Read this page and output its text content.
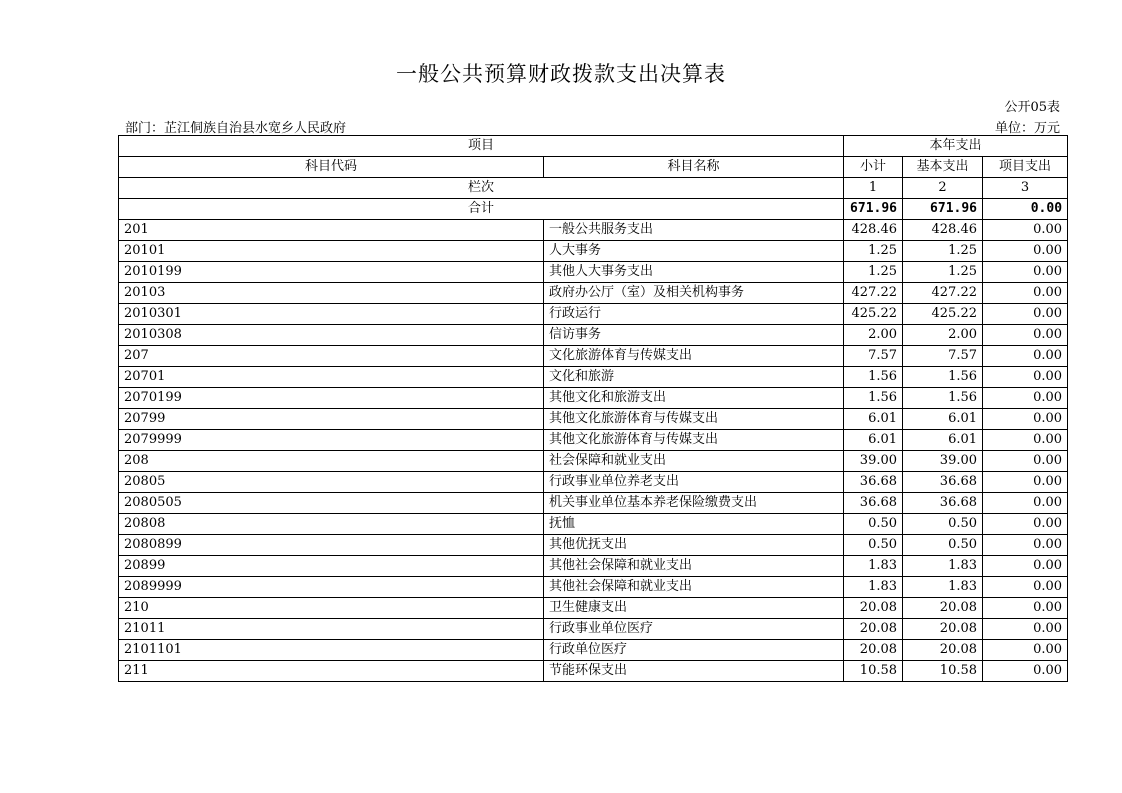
一般公共预算财政拨款支出决算表
公开05表
部门：芷江侗族自治县水宽乡人民政府	单位：万元
项目		本年支出		
科目代码	科目名称	小计	基本支出	项目支出
栏次		1	2	3
合计		671.96	671.96	0.00
201	一般公共服务支出	428.46	428.46	0.00
20101	人大事务	1.25	1.25	0.00
2010199	其他人大事务支出	1.25	1.25	0.00
20103	政府办公厅（室）及相关机构事务	427.22	427.22	0.00
2010301	行政运行	425.22	425.22	0.00
2010308	信访事务	2.00	2.00	0.00
207	文化旅游体育与传媒支出	7.57	7.57	0.00
20701	文化和旅游	1.56	1.56	0.00
2070199	其他文化和旅游支出	1.56	1.56	0.00
20799	其他文化旅游体育与传媒支出	6.01	6.01	0.00
2079999	其他文化旅游体育与传媒支出	6.01	6.01	0.00
208	社会保障和就业支出	39.00	39.00	0.00
20805	行政事业单位养老支出	36.68	36.68	0.00
2080505	机关事业单位基本养老保险缴费支出	36.68	36.68	0.00
20808	抚恤	0.50	0.50	0.00
2080899	其他优抚支出	0.50	0.50	0.00
20899	其他社会保障和就业支出	1.83	1.83	0.00
2089999	其他社会保障和就业支出	1.83	1.83	0.00
210	卫生健康支出	20.08	20.08	0.00
21011	行政事业单位医疗	20.08	20.08	0.00
2101101	行政单位医疗	20.08	20.08	0.00
211	节能环保支出	10.58	10.58	0.00
